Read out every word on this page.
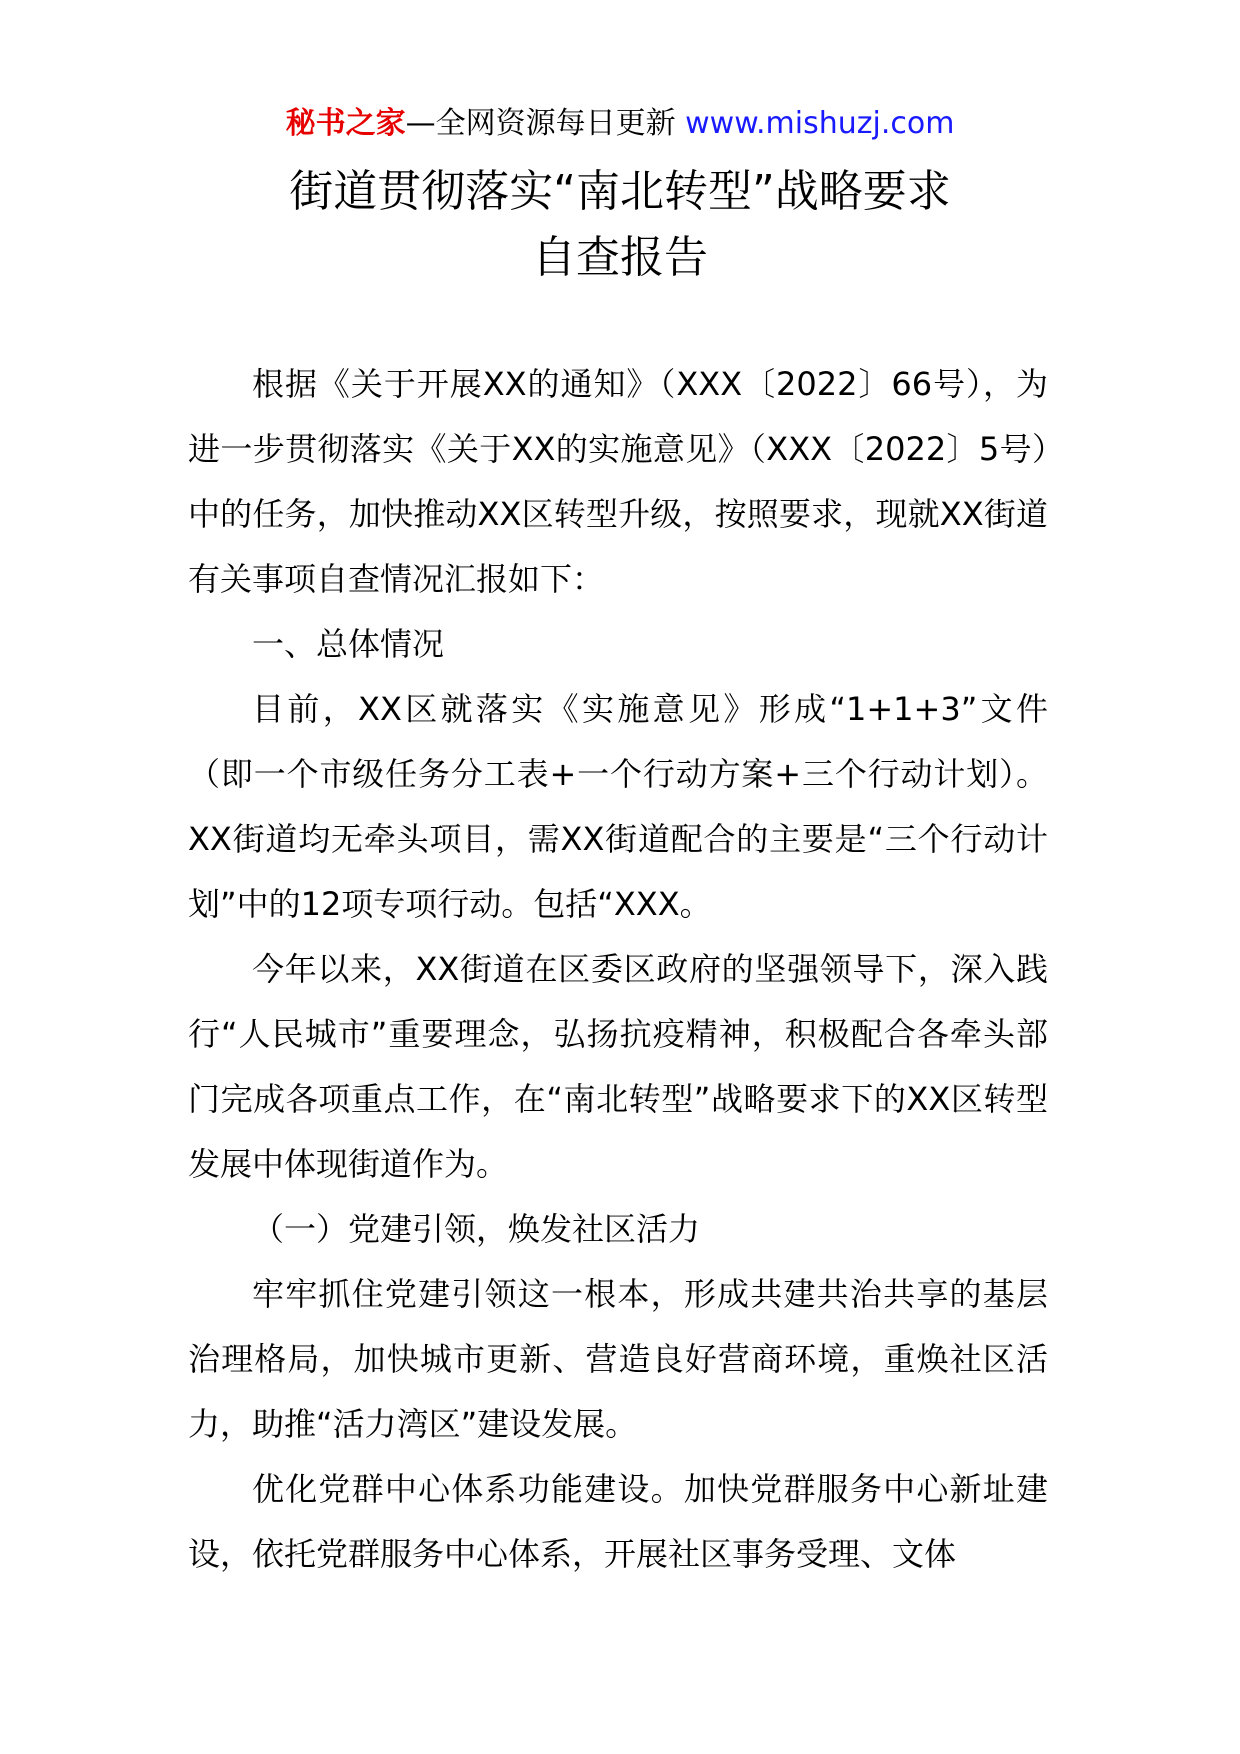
秘书之家—全网资源每日更新 www.mishuzj.com
街道贯彻落实“南北转型”战略要求
自查报告

根据《关于开展XX的通知》（XXX〔2022〕66号），为进一步贯彻落实《关于XX的实施意见》（XXX〔2022〕5号）中的任务，加快推动XX区转型升级，按照要求，现就XX街道有关事项自查情况汇报如下：

一、总体情况

目前，XX区就落实《实施意见》形成“1+1+3”文件（即一个市级任务分工表+一个行动方案+三个行动计划）。XX街道均无牵头项目，需XX街道配合的主要是“三个行动计划”中的12项专项行动。包括“XXX。

今年以来，XX街道在区委区政府的坚强领导下，深入践行“人民城市”重要理念，弘扬抗疫精神，积极配合各牵头部门完成各项重点工作，在“南北转型”战略要求下的XX区转型发展中体现街道作为。

（一）党建引领，焕发社区活力

牢牢抓住党建引领这一根本，形成共建共治共享的基层治理格局，加快城市更新、营造良好营商环境，重焕社区活力，助推“活力湾区”建设发展。

优化党群中心体系功能建设。加快党群服务中心新址建设，依托党群服务中心体系，开展社区事务受理、文体
